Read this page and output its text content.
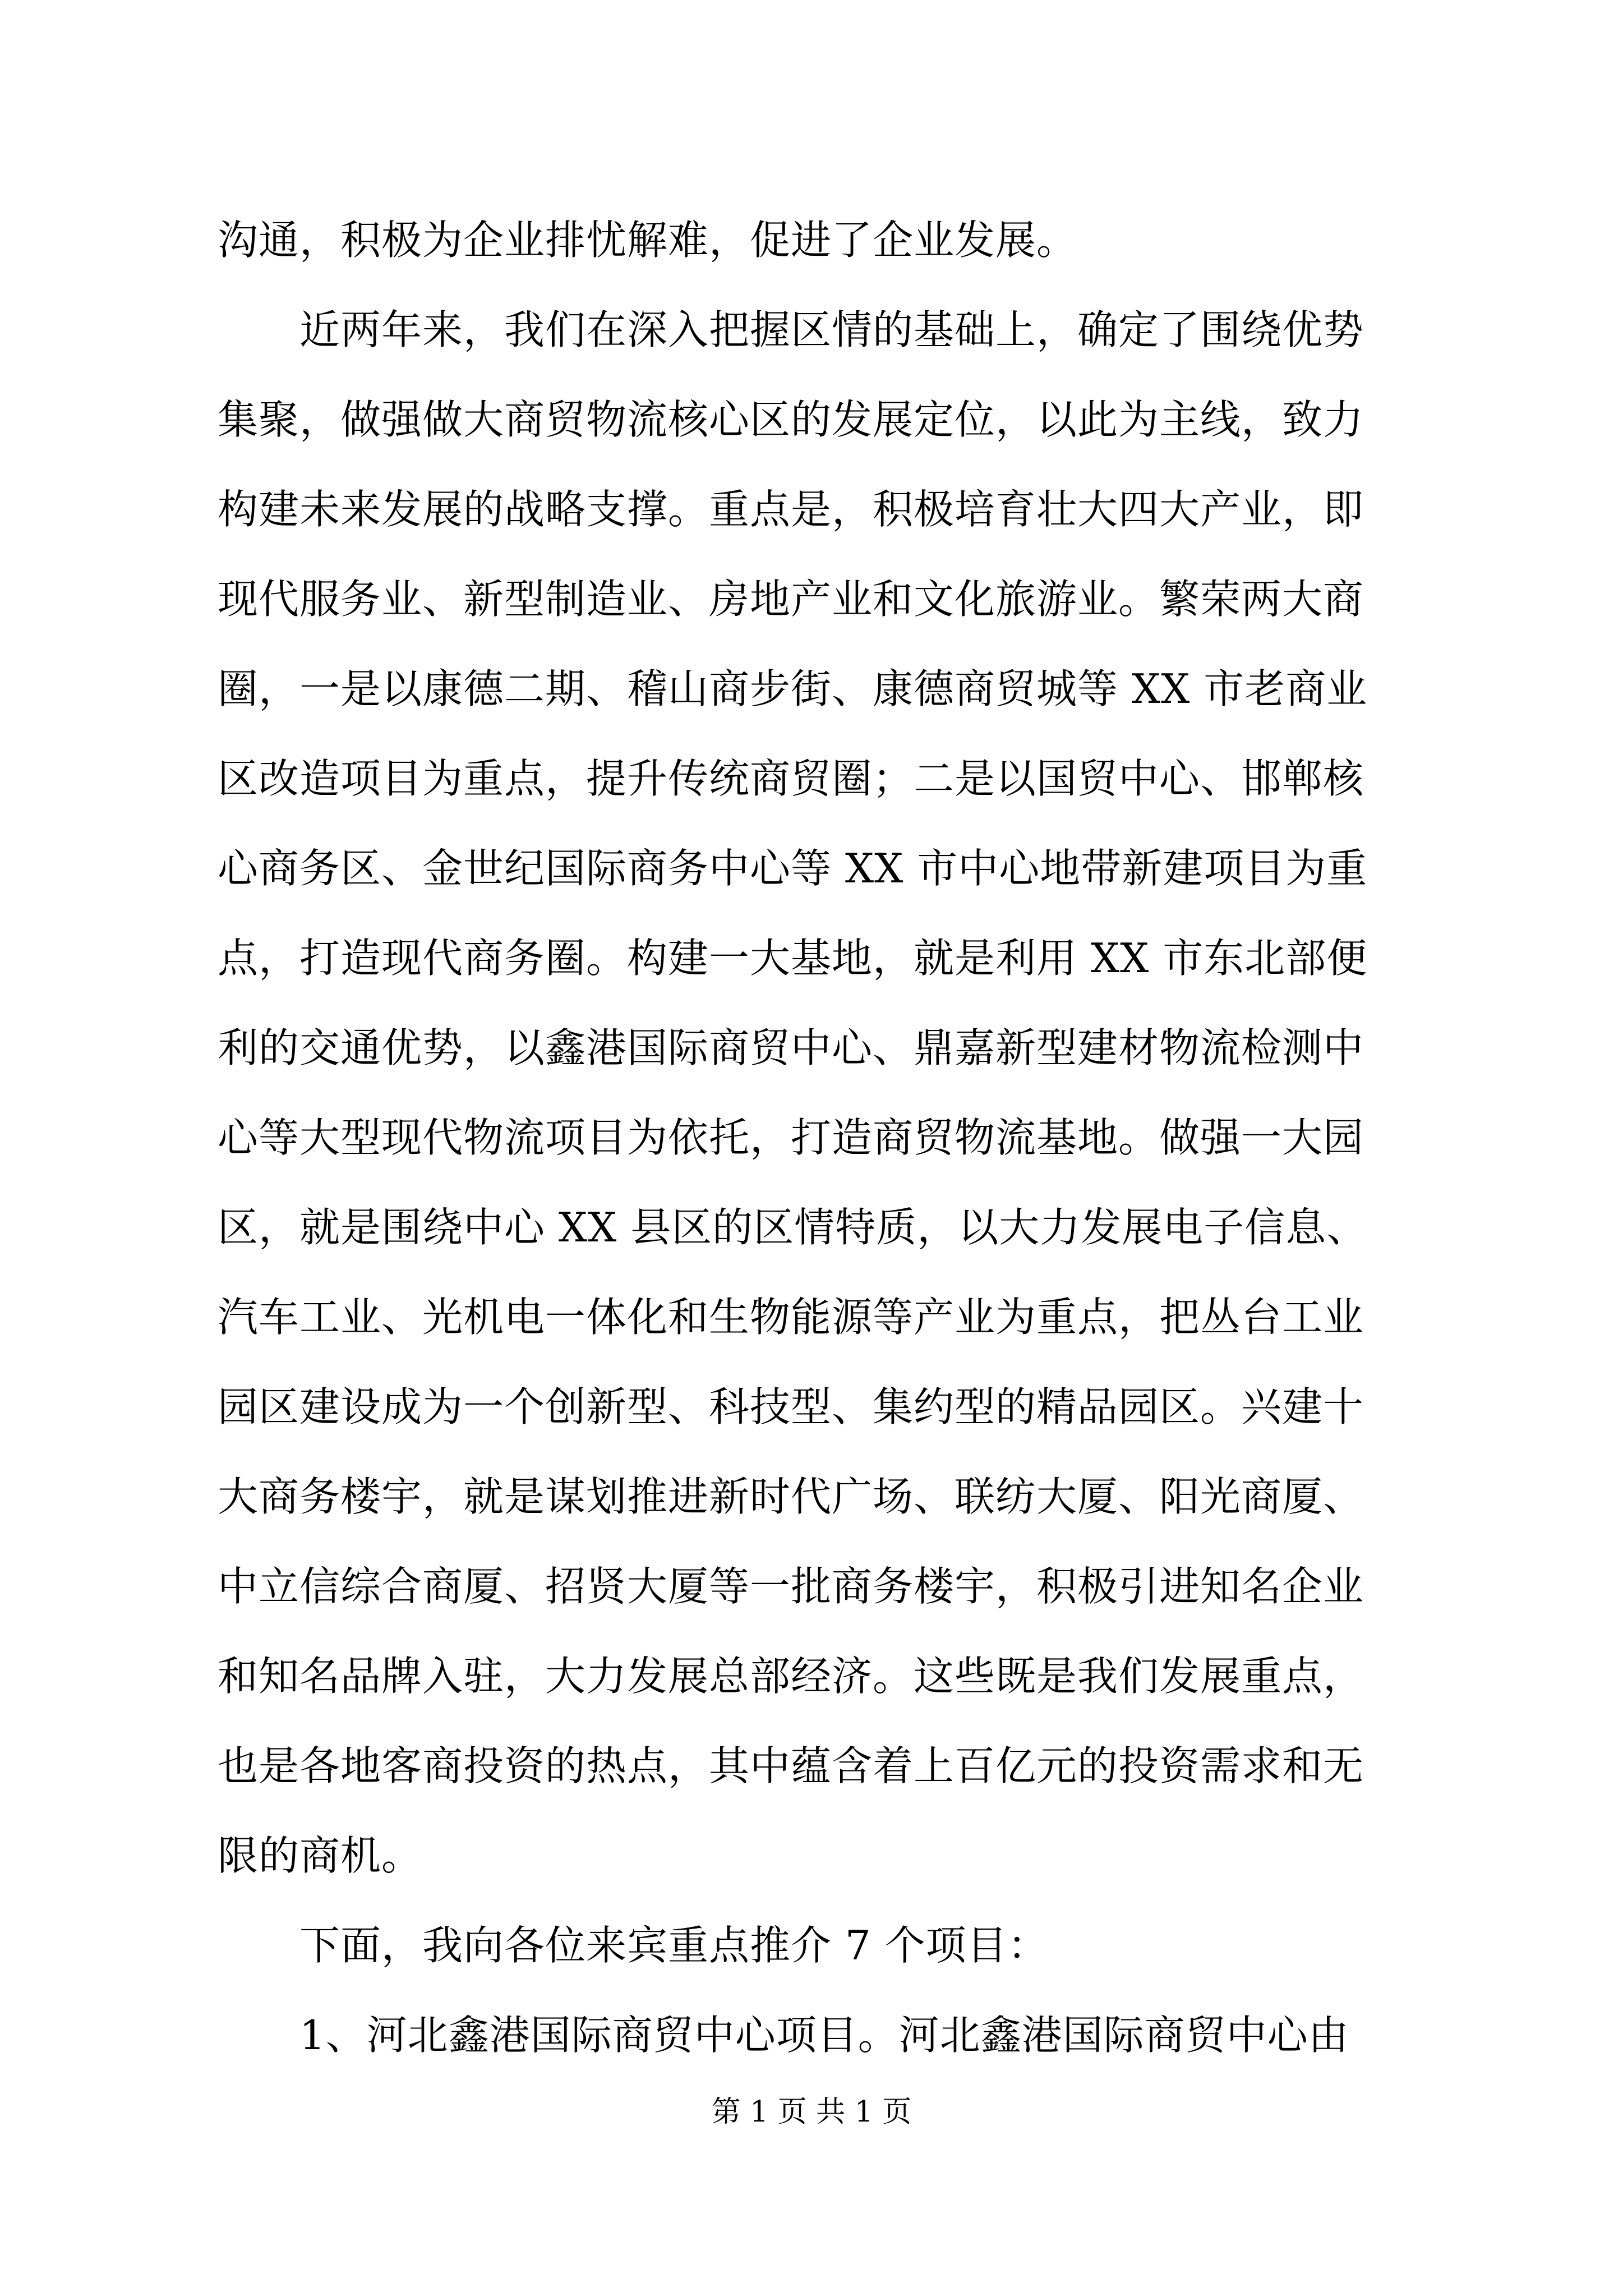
沟通，积极为企业排忧解难，促进了企业发展。
　　近两年来，我们在深入把握区情的基础上，确定了围绕优势
集聚，做强做大商贸物流核心区的发展定位，以此为主线，致力
构建未来发展的战略支撑。重点是，积极培育壮大四大产业，即
现代服务业、新型制造业、房地产业和文化旅游业。繁荣两大商
圈，一是以康德二期、稽山商步街、康德商贸城等 XX 市老商业
区改造项目为重点，提升传统商贸圈；二是以国贸中心、邯郸核
心商务区、金世纪国际商务中心等 XX 市中心地带新建项目为重
点，打造现代商务圈。构建一大基地，就是利用 XX 市东北部便
利的交通优势，以鑫港国际商贸中心、鼎嘉新型建材物流检测中
心等大型现代物流项目为依托，打造商贸物流基地。做强一大园
区，就是围绕中心 XX 县区的区情特质，以大力发展电子信息、
汽车工业、光机电一体化和生物能源等产业为重点，把丛台工业
园区建设成为一个创新型、科技型、集约型的精品园区。兴建十
大商务楼宇，就是谋划推进新时代广场、联纺大厦、阳光商厦、
中立信综合商厦、招贤大厦等一批商务楼宇，积极引进知名企业
和知名品牌入驻，大力发展总部经济。这些既是我们发展重点，
也是各地客商投资的热点，其中蕴含着上百亿元的投资需求和无
限的商机。
　　下面，我向各位来宾重点推介 7 个项目：
　　1、河北鑫港国际商贸中心项目。河北鑫港国际商贸中心由
第 1 页 共 1 页
